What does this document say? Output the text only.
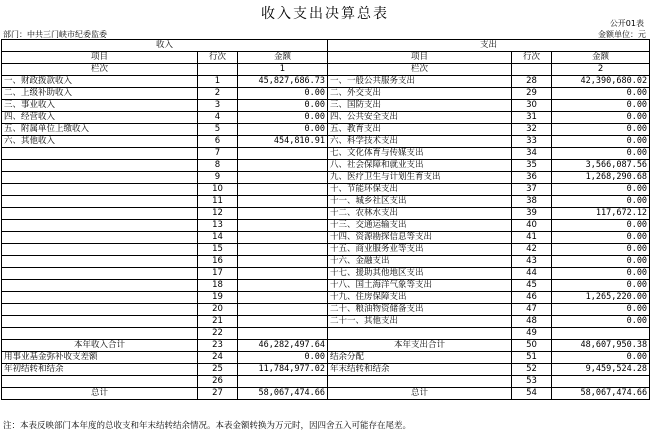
收入支出决算总表
公开01表
部门：中共三门峡市纪委监委	金额单位：元
收入			支出		
项目	行次	金额	项目	行次	金额
栏次		1	栏次		2
一、财政拨款收入	1	45,827,686.73	一、一般公共服务支出	28	42,390,680.02
二、上级补助收入	2	0.00	二、外交支出	29	0.00
三、事业收入	3	0.00	三、国防支出	30	0.00
四、经营收入	4	0.00	四、公共安全支出	31	0.00
五、附属单位上缴收入	5	0.00	五、教育支出	32	0.00
六、其他收入	6	454,810.91	六、科学技术支出	33	0.00
	7		七、文化体育与传媒支出	34	0.00
	8		八、社会保障和就业支出	35	3,566,087.56
	9		九、医疗卫生与计划生育支出	36	1,268,290.68
	10		十、节能环保支出	37	0.00
	11		十一、城乡社区支出	38	0.00
	12		十二、农林水支出	39	117,672.12
	13		十三、交通运输支出	40	0.00
	14		十四、资源勘探信息等支出	41	0.00
	15		十五、商业服务业等支出	42	0.00
	16		十六、金融支出	43	0.00
	17		十七、援助其他地区支出	44	0.00
	18		十八、国土海洋气象等支出	45	0.00
	19		十九、住房保障支出	46	1,265,220.00
	20		二十、粮油物资储备支出	47	0.00
	21		二十一、其他支出	48	0.00
	22			49	
本年收入合计	23	46,282,497.64	本年支出合计	50	48,607,950.38
用事业基金弥补收支差额	24	0.00	结余分配	51	0.00
年初结转和结余	25	11,784,977.02	年末结转和结余	52	9,459,524.28
	26			53	
总计	27	58,067,474.66	总计	54	58,067,474.66
注：本表反映部门本年度的总收支和年末结转结余情况。本表金额转换为万元时，因四舍五入可能存在尾差。
